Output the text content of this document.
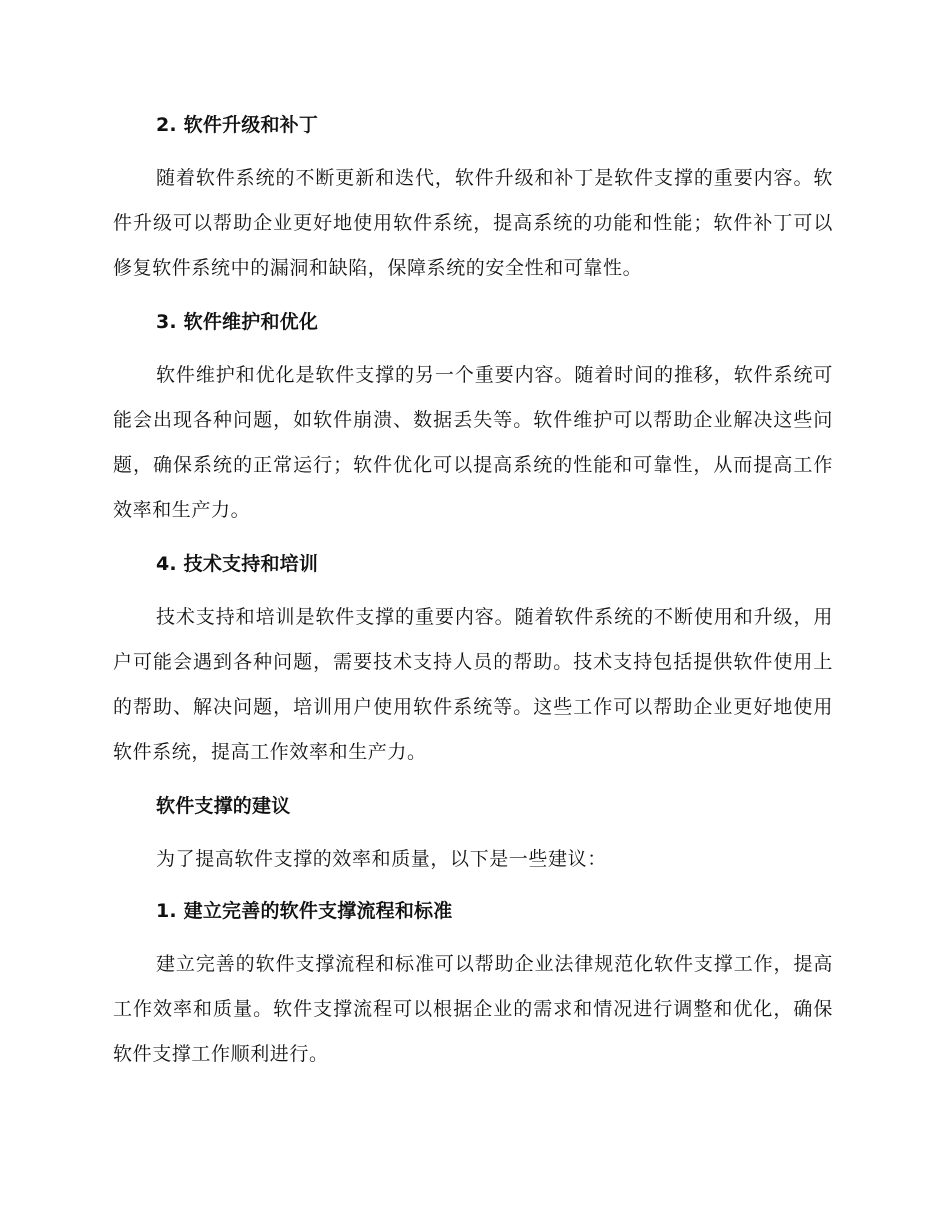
2. 软件升级和补丁
随着软件系统的不断更新和迭代，软件升级和补丁是软件支撑的重要内容。软件升级可以帮助企业更好地使用软件系统，提高系统的功能和性能；软件补丁可以修复软件系统中的漏洞和缺陷，保障系统的安全性和可靠性。
3. 软件维护和优化
软件维护和优化是软件支撑的另一个重要内容。随着时间的推移，软件系统可能会出现各种问题，如软件崩溃、数据丢失等。软件维护可以帮助企业解决这些问题，确保系统的正常运行；软件优化可以提高系统的性能和可靠性，从而提高工作效率和生产力。
4. 技术支持和培训
技术支持和培训是软件支撑的重要内容。随着软件系统的不断使用和升级，用户可能会遇到各种问题，需要技术支持人员的帮助。技术支持包括提供软件使用上的帮助、解决问题，培训用户使用软件系统等。这些工作可以帮助企业更好地使用软件系统，提高工作效率和生产力。
软件支撑的建议
为了提高软件支撑的效率和质量，以下是一些建议：
1. 建立完善的软件支撑流程和标准
建立完善的软件支撑流程和标准可以帮助企业法律规范化软件支撑工作，提高工作效率和质量。软件支撑流程可以根据企业的需求和情况进行调整和优化，确保软件支撑工作顺利进行。
